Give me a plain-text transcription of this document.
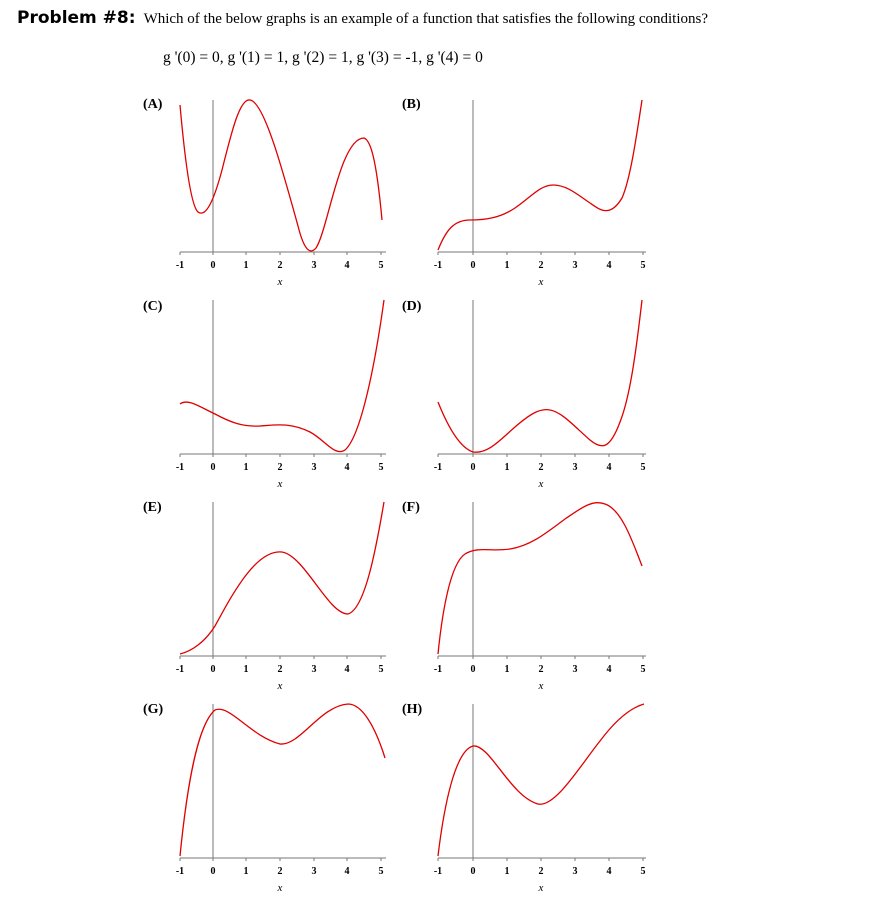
Problem #8: Which of the below graphs is an example of a function that satisfies the following conditions?
g '(0) = 0, g '(1) = 1, g '(2) = 1, g '(3) = -1, g '(4) = 0
(A)
-1	0	1	2	3	4	5
x
(B)
-1	0	1	2	3	4	5
x
(C)
-1	0	1	2	3	4	5
x
(D)
-1	0	1	2	3	4	5
x
(E)
-1	0	1	2	3	4	5
x
(F)
-1	0	1	2	3	4	5
x
(G)
-1	0	1	2	3	4	5
x
(H)
-1	0	1	2	3	4	5
x
